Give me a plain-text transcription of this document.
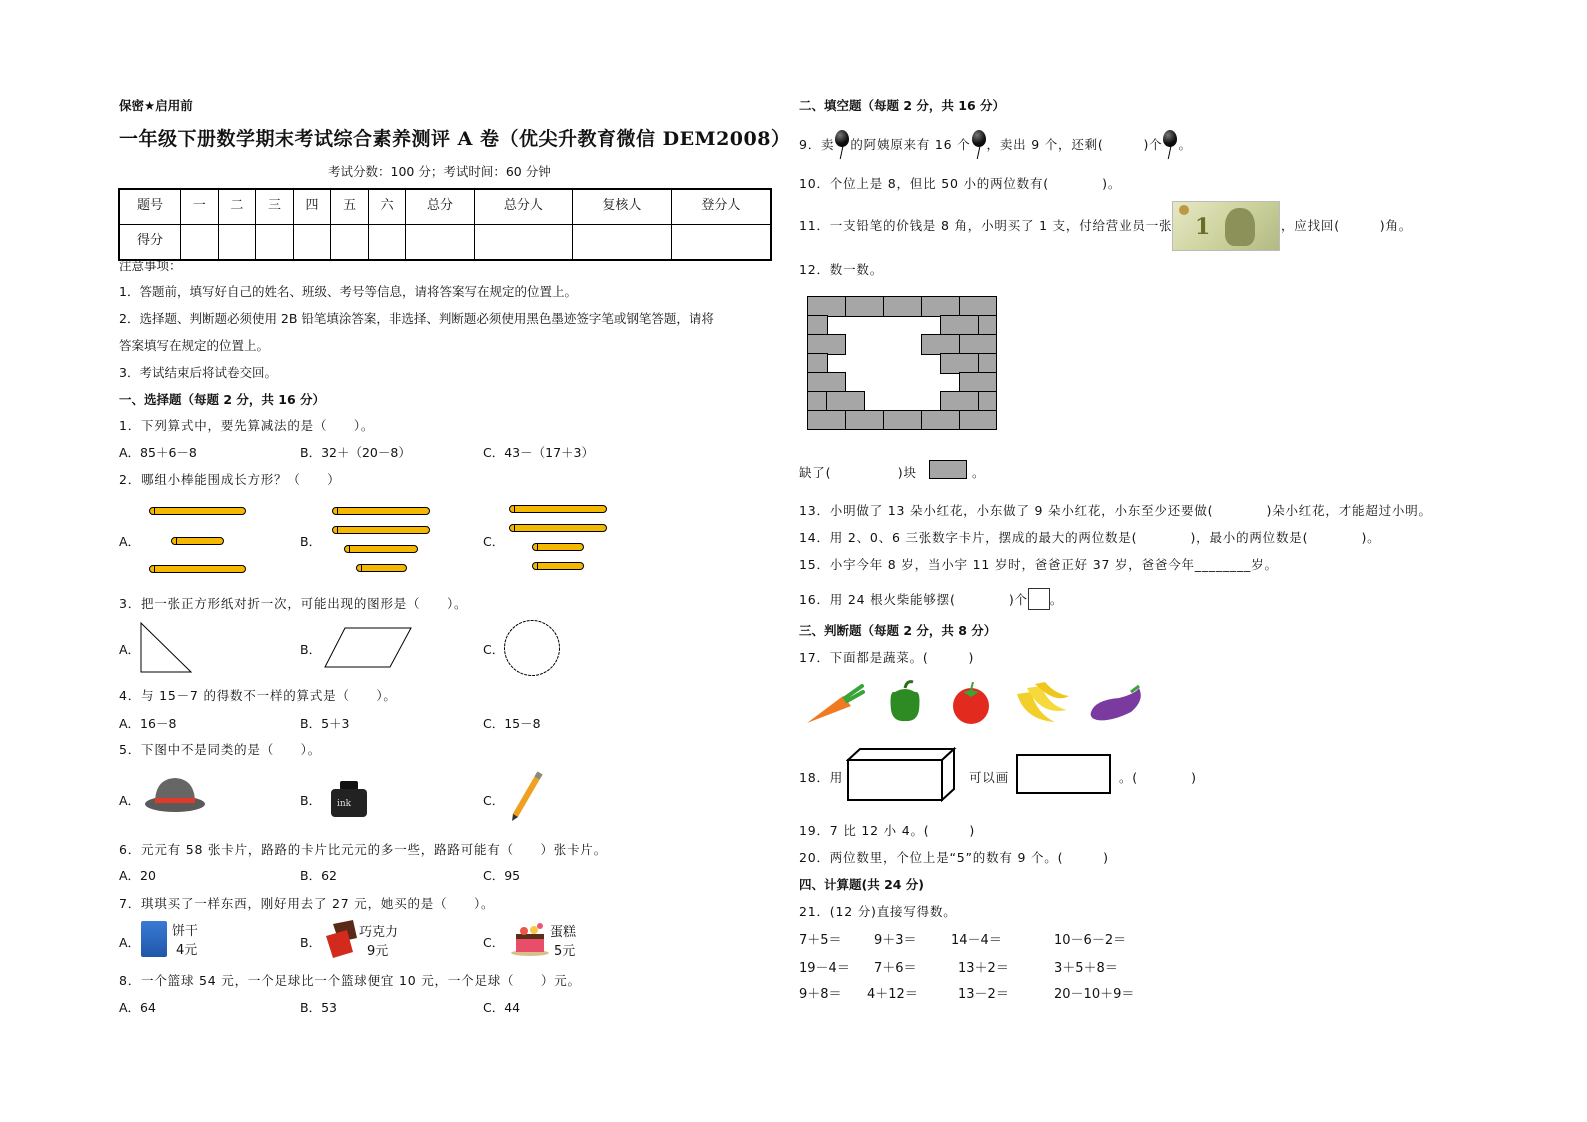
保密★启用前
一年级下册数学期末考试综合素养测评 A 卷（优尖升教育微信 DEM2008）
考试分数：100 分；考试时间：60 分钟
题号	一	二	三	四	五	六	总分	总分人	复核人	登分人
得分										
注意事项：
1．答题前，填写好自己的姓名、班级、考号等信息，请将答案写在规定的位置上。
2．选择题、判断题必须使用 2B 铅笔填涂答案，非选择、判断题必须使用黑色墨迹签字笔或钢笔答题，请将
答案填写在规定的位置上。
3．考试结束后将试卷交回。
一、选择题（每题 2 分，共 16 分）
1．下列算式中，要先算减法的是（　　）。
A．85＋6－8	B．32＋（20－8）	C．43－（17＋3）
2．哪组小棒能围成长方形？（　　）
A．	B．	C．
3．把一张正方形纸对折一次，可能出现的图形是（　　）。
A．	B．	C．
4．与 15－7 的得数不一样的算式是（　　）。
A．16－8	B．5＋3	C．15－8
5．下图中不是同类的是（　　）。
A．	B． ink	C．
6．元元有 58 张卡片，路路的卡片比元元的多一些，路路可能有（　　）张卡片。
A．20	B．62	C．95
7．琪琪买了一样东西，刚好用去了 27 元，她买的是（　　）。
A．
饼干
4元
B．
巧克力
9元
C．
蛋糕
5元
8．一个篮球 54 元，一个足球比一个篮球便宜 10 元，一个足球（　　）元。
A．64	B．53	C．44
二、填空题（每题 2 分，共 16 分）
9．卖 的阿姨原来有 16 个 ，卖出 9 个，还剩(　　　)个 。
10．个位上是 8，但比 50 小的两位数有(　　　　)。
11．一支铅笔的价钱是 8 角，小明买了 1 支，付给营业员一张 1	，应找回(　　　)角。
12．数一数。
缺了(　　　　　)块	。
13．小明做了 13 朵小红花，小东做了 9 朵小红花，小东至少还要做(　　　　)朵小红花，才能超过小明。
14．用 2、0、6 三张数字卡片，摆成的最大的两位数是(　　　　)，最小的两位数是(　　　　)。
15．小宇今年 8 岁，当小宇 11 岁时，爸爸正好 37 岁，爸爸今年________岁。
16．用 24 根火柴能够摆(　　　　)个 。
三、判断题（每题 2 分，共 8 分）
17．下面都是蔬菜。(　　　)
18．用	可以画	。(　　　　)
19．7 比 12 小 4。(　　　)
20．两位数里，个位上是“5”的数有 9 个。(　　　)
四、计算题(共 24 分)
21．(12 分)直接写得数。
7＋5＝ 9＋3＝	14－4＝	10－6－2＝
19－4＝ 7＋6＝	13＋2＝	3＋5＋8＝
9＋8＝ 4＋12＝	13－2＝	20－10＋9＝
